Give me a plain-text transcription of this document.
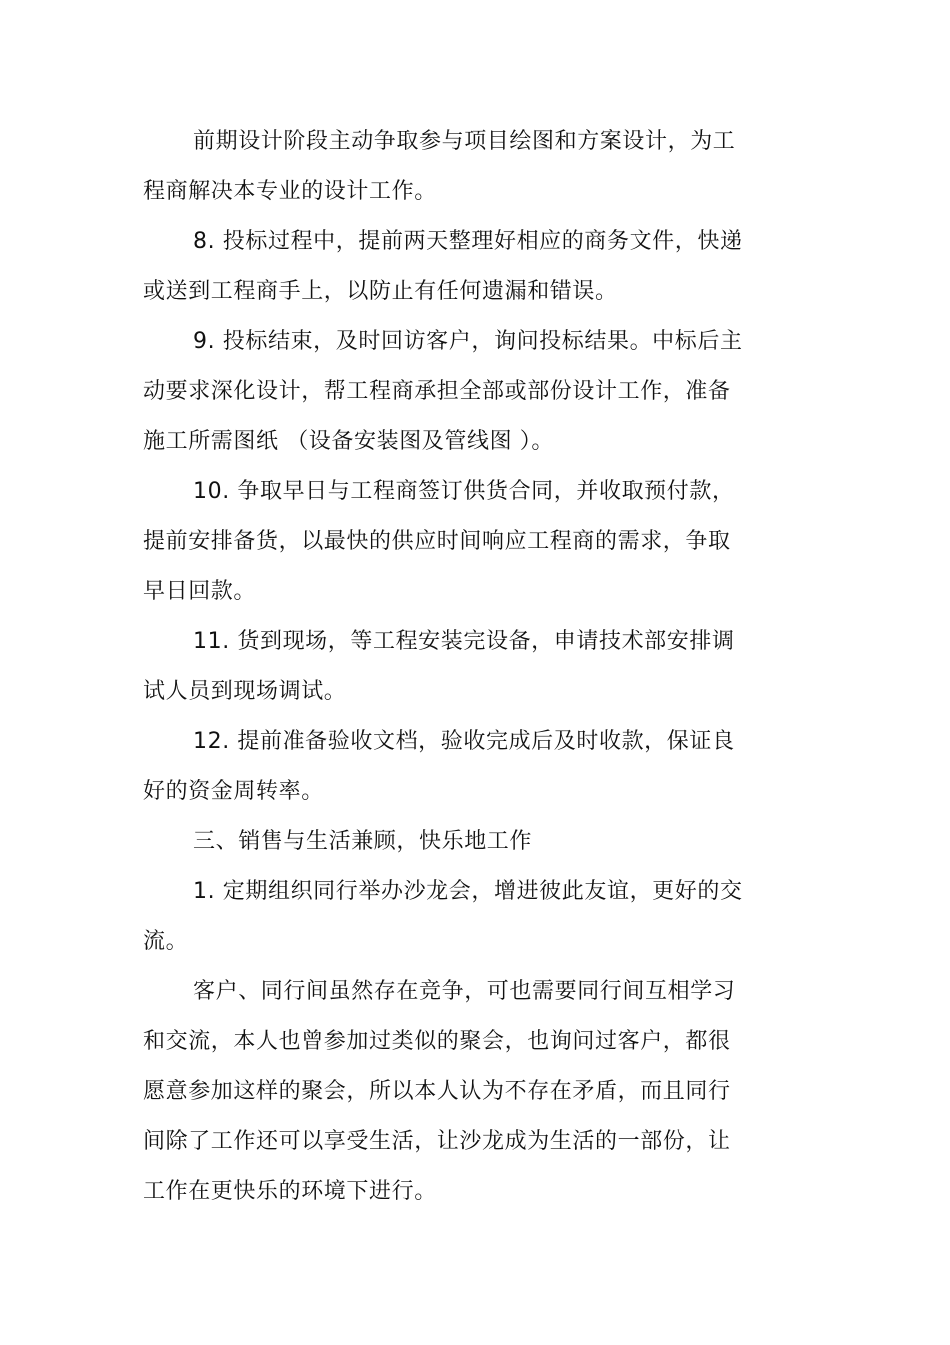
前期设计阶段主动争取参与项目绘图和方案设计，为工程商解决本专业的设计工作。

8. 投标过程中，提前两天整理好相应的商务文件，快递或送到工程商手上，以防止有任何遗漏和错误。

9. 投标结束，及时回访客户，询问投标结果。中标后主动要求深化设计，帮工程商承担全部或部份设计工作，准备施工所需图纸 （设备安装图及管线图 ）。

10. 争取早日与工程商签订供货合同，并收取预付款，提前安排备货，以最快的供应时间响应工程商的需求，争取早日回款。

11. 货到现场，等工程安装完设备，申请技术部安排调试人员到现场调试。

12. 提前准备验收文档，验收完成后及时收款，保证良好的资金周转率。

三、销售与生活兼顾，快乐地工作

1. 定期组织同行举办沙龙会，增进彼此友谊，更好的交流。

客户、同行间虽然存在竞争，可也需要同行间互相学习和交流，本人也曾参加过类似的聚会，也询问过客户，都很愿意参加这样的聚会，所以本人认为不存在矛盾，而且同行间除了工作还可以享受生活，让沙龙成为生活的一部份，让工作在更快乐的环境下进行。
